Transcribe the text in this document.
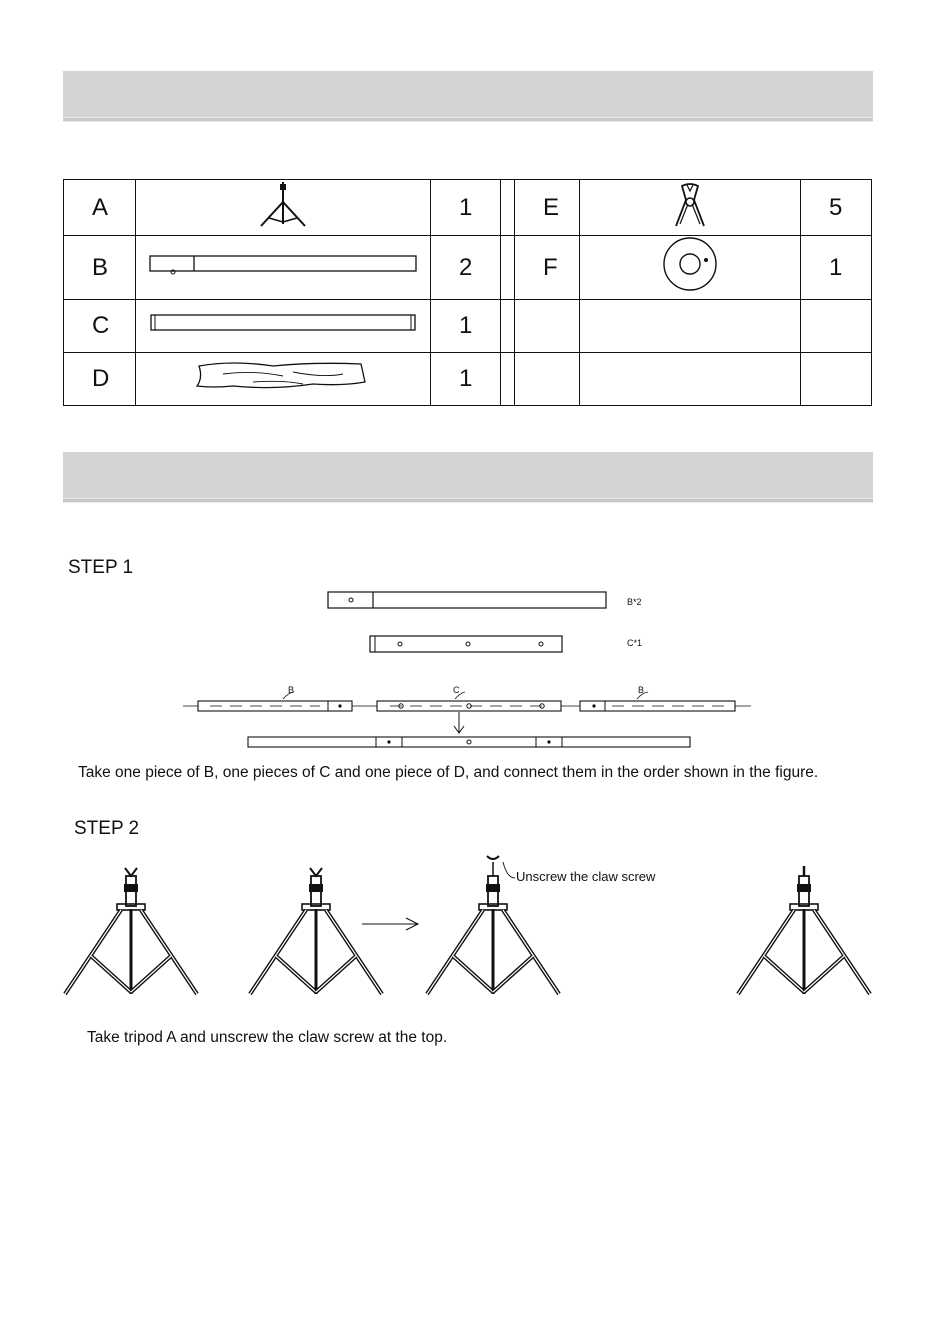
A		1		E		5
B		2		F		1
C		1				
D		1				
STEP 1
B*2
C*1
B	C	B
Take one piece of B, one pieces of C and one piece of D, and connect them in the order shown in the figure.
STEP 2
Unscrew the claw screw
Take tripod A and unscrew the claw screw at the top.
